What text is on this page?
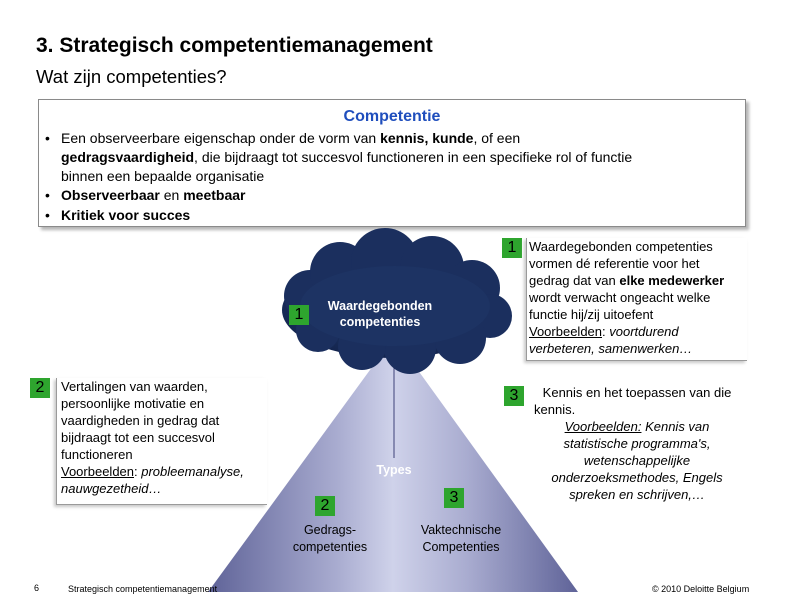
3. Strategisch competentiemanagement
Wat zijn competenties?
Competentie
• Een observeerbare eigenschap onder de vorm van kennis, kunde, of een
gedragsvaardigheid, die bijdraagt tot succesvol functioneren in een specifieke rol of functie
binnen een bepaalde organisatie
• Observeerbaar en meetbaar
• Kritiek voor succes
1	Waardegebonden
competenties
Types
2	3
Gedrags-
competenties
Vaktechnische
Competenties
1 Waardegebonden competenties
vormen dé referentie voor het
gedrag dat van elke medewerker
wordt verwacht ongeacht welke
functie hij/zij uitoefent
Voorbeelden: voortdurend
verbeteren, samenwerken…
2	Vertalingen van waarden,
persoonlijke motivatie en
vaardigheden in gedrag dat
bijdraagt tot een succesvol
functioneren
Voorbeelden: probleemanalyse,
nauwgezetheid…
3	Kennis en het toepassen van die
kennis.
Voorbeelden: Kennis van
statistische programma's,
wetenschappelijke
onderzoeksmethodes, Engels
spreken en schrijven,…
6	Strategisch competentiemanagement	© 2010 Deloitte Belgium
